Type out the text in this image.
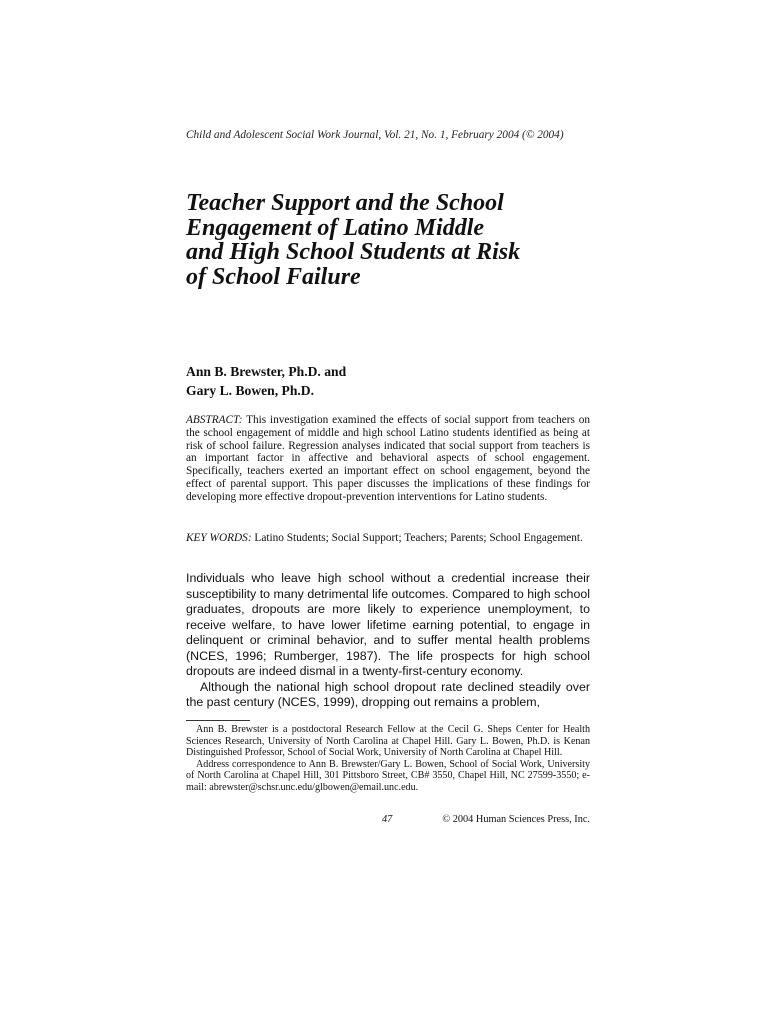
Child and Adolescent Social Work Journal, Vol. 21, No. 1, February 2004 (© 2004)
Teacher Support and the School
Engagement of Latino Middle
and High School Students at Risk
of School Failure
Ann B. Brewster, Ph.D. and
Gary L. Bowen, Ph.D.

ABSTRACT: This investigation examined the effects of social support from teachers on the school engagement of middle and high school Latino students identified as being at risk of school failure. Regression analyses indicated that social support from teachers is an important factor in affective and behavioral aspects of school engagement. Specifically, teachers exerted an important effect on school engagement, beyond the effect of parental support. This paper discusses the implications of these findings for developing more effective dropout-prevention interventions for Latino students.

KEY WORDS: Latino Students; Social Support; Teachers; Parents; School Engagement.

Individuals who leave high school without a credential increase their susceptibility to many detrimental life outcomes. Compared to high school graduates, dropouts are more likely to experience unemployment, to receive welfare, to have lower lifetime earning potential, to engage in delinquent or criminal behavior, and to suffer mental health problems (NCES, 1996; Rumberger, 1987). The life prospects for high school dropouts are indeed dismal in a twenty-first-century economy.

Although the national high school dropout rate declined steadily over the past century (NCES, 1999), dropping out remains a problem,

Ann B. Brewster is a postdoctoral Research Fellow at the Cecil G. Sheps Center for Health Sciences Research, University of North Carolina at Chapel Hill. Gary L. Bowen, Ph.D. is Kenan Distinguished Professor, School of Social Work, University of North Carolina at Chapel Hill.

Address correspondence to Ann B. Brewster/Gary L. Bowen, School of Social Work, University of North Carolina at Chapel Hill, 301 Pittsboro Street, CB# 3550, Chapel Hill, NC 27599-3550; e-mail: abrewster@schsr.unc.edu/glbowen@email.unc.edu.

47	© 2004 Human Sciences Press, Inc.
